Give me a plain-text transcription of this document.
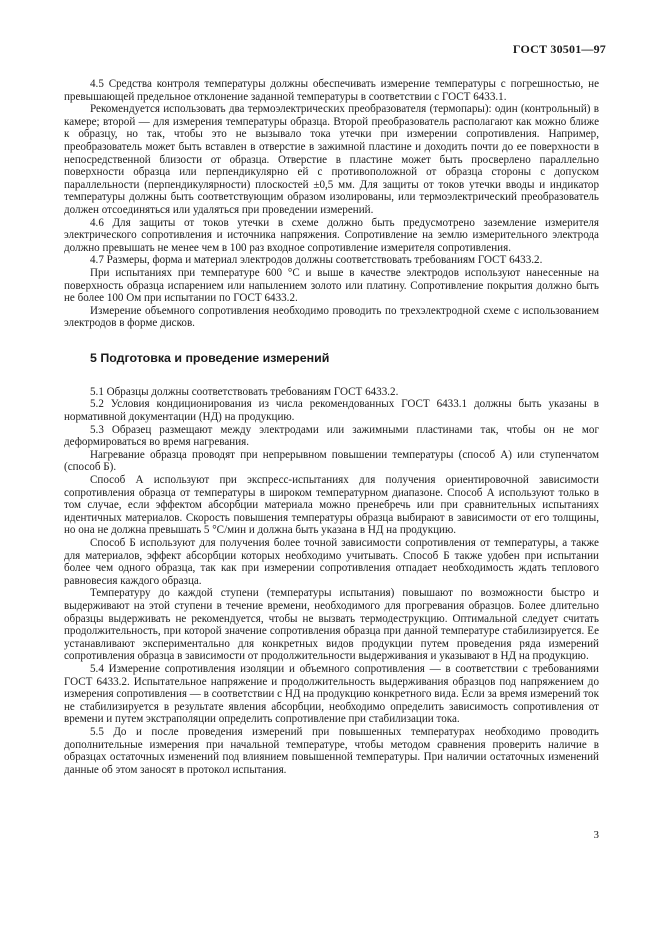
ГОСТ 30501—97

4.5 Средства контроля температуры должны обеспечивать измерение температуры с погрешностью, не превышающей предельное отклонение заданной температуры в соответствии с ГОСТ 6433.1.

Рекомендуется использовать два термоэлектрических преобразователя (термопары): один (контрольный) в камере; второй — для измерения температуры образца. Второй преобразователь располагают как можно ближе к образцу, но так, чтобы это не вызывало тока утечки при измерении сопротивления. Например, преобразователь может быть вставлен в отверстие в зажимной пластине и доходить почти до ее поверхности в непосредственной близости от образца. Отверстие в пластине может быть просверлено параллельно поверхности образца или перпендикулярно ей с противоположной от образца стороны с допуском параллельности (перпендикулярности) плоскостей ±0,5 мм. Для защиты от токов утечки вводы и индикатор температуры должны быть соответствующим образом изолированы, или термоэлектрический преобразователь должен отсоединяться или удаляться при проведении измерений.

4.6 Для защиты от токов утечки в схеме должно быть предусмотрено заземление измерителя электрического сопротивления и источника напряжения. Сопротивление на землю измерительного электрода должно превышать не менее чем в 100 раз входное сопротивление измерителя сопротивления.

4.7 Размеры, форма и материал электродов должны соответствовать требованиям ГОСТ 6433.2.

При испытаниях при температуре 600 °С и выше в качестве электродов используют нанесенные на поверхность образца испарением или напылением золото или платину. Сопротивление покрытия должно быть не более 100 Ом при испытании по ГОСТ 6433.2.

Измерение объемного сопротивления необходимо проводить по трехэлектродной схеме с использованием электродов в форме дисков.

5 Подготовка и проведение измерений

5.1 Образцы должны соответствовать требованиям ГОСТ 6433.2.

5.2 Условия кондиционирования из числа рекомендованных ГОСТ 6433.1 должны быть указаны в нормативной документации (НД) на продукцию.

5.3 Образец размещают между электродами или зажимными пластинами так, чтобы он не мог деформироваться во время нагревания.

Нагревание образца проводят при непрерывном повышении температуры (способ А) или ступенчатом (способ Б).

Способ А используют при экспресс-испытаниях для получения ориентировочной зависимости сопротивления образца от температуры в широком температурном диапазоне. Способ А используют только в том случае, если эффектом абсорбции материала можно пренебречь или при сравнительных испытаниях идентичных материалов. Скорость повышения температуры образца выбирают в зависимости от его толщины, но она не должна превышать 5 °С/мин и должна быть указана в НД на продукцию.

Способ Б используют для получения более точной зависимости сопротивления от температуры, а также для материалов, эффект абсорбции которых необходимо учитывать. Способ Б также удобен при испытании более чем одного образца, так как при измерении сопротивления отпадает необходимость ждать теплового равновесия каждого образца.

Температуру до каждой ступени (температуры испытания) повышают по возможности быстро и выдерживают на этой ступени в течение времени, необходимого для прогревания образцов. Более длительно образцы выдерживать не рекомендуется, чтобы не вызвать термодеструкцию. Оптимальной следует считать продолжительность, при которой значение сопротивления образца при данной температуре стабилизируется. Ее устанавливают экспериментально для конкретных видов продукции путем проведения ряда измерений сопротивления образца в зависимости от продолжительности выдерживания и указывают в НД на продукцию.

5.4 Измерение сопротивления изоляции и объемного сопротивления — в соответствии с требованиями ГОСТ 6433.2. Испытательное напряжение и продолжительность выдерживания образцов под напряжением до измерения сопротивления — в соответствии с НД на продукцию конкретного вида. Если за время измерений ток не стабилизируется в результате явления абсорбции, необходимо определить зависимость сопротивления от времени и путем экстраполяции определить сопротивление при стабилизации тока.

5.5 До и после проведения измерений при повышенных температурах необходимо проводить дополнительные измерения при начальной температуре, чтобы методом сравнения проверить наличие в образцах остаточных изменений под влиянием повышенной температуры. При наличии остаточных изменений данные об этом заносят в протокол испытания.

3
